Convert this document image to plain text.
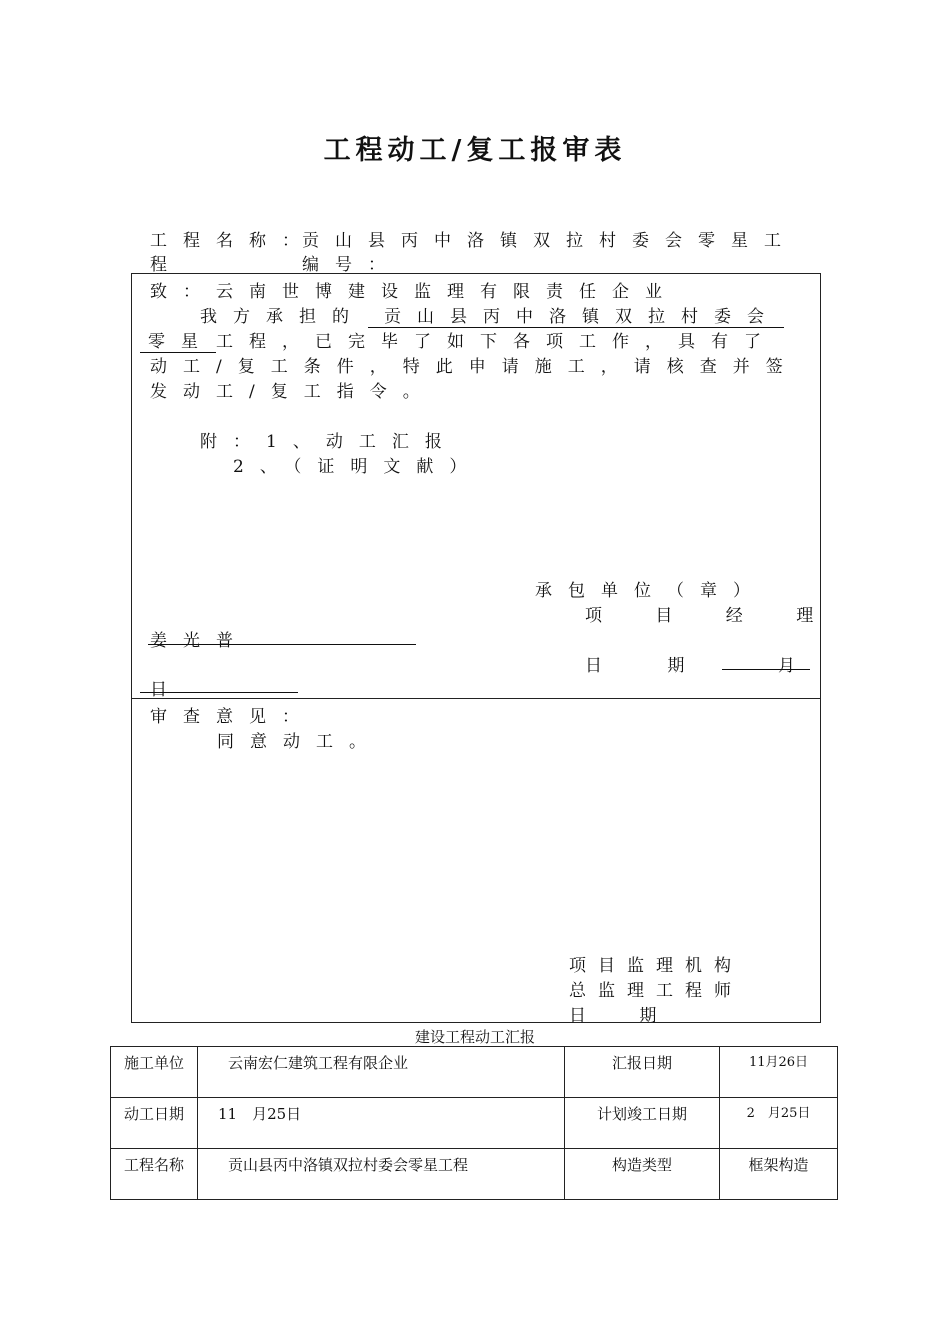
工程动工/复工报审表
工程名称：
贡山县丙中洛镇双拉村委会零星工
程	编号：
致：云南世博建设监理有限责任企业
我方承担的	贡山县丙中洛镇双拉村委会
零星 工程，已完毕了如下各项工作，具有了
动工/复工条件，特此申请施工，请核查并签
发动工/复工指令。
附：1、动工汇报
2、（证明文献）
承包单位（章）
项 目 经 理
姜光普
日 期	月
日
审查意见：
同意动工。
项目监理机构
总监理工程师
日 期
建设工程动工汇报
施工单位	云南宏仁建筑工程有限企业	汇报日期	11月26日
动工日期	11　月25日	计划竣工日期	2　月25日
工程名称	贡山县丙中洛镇双拉村委会零星工程	构造类型	框架构造
